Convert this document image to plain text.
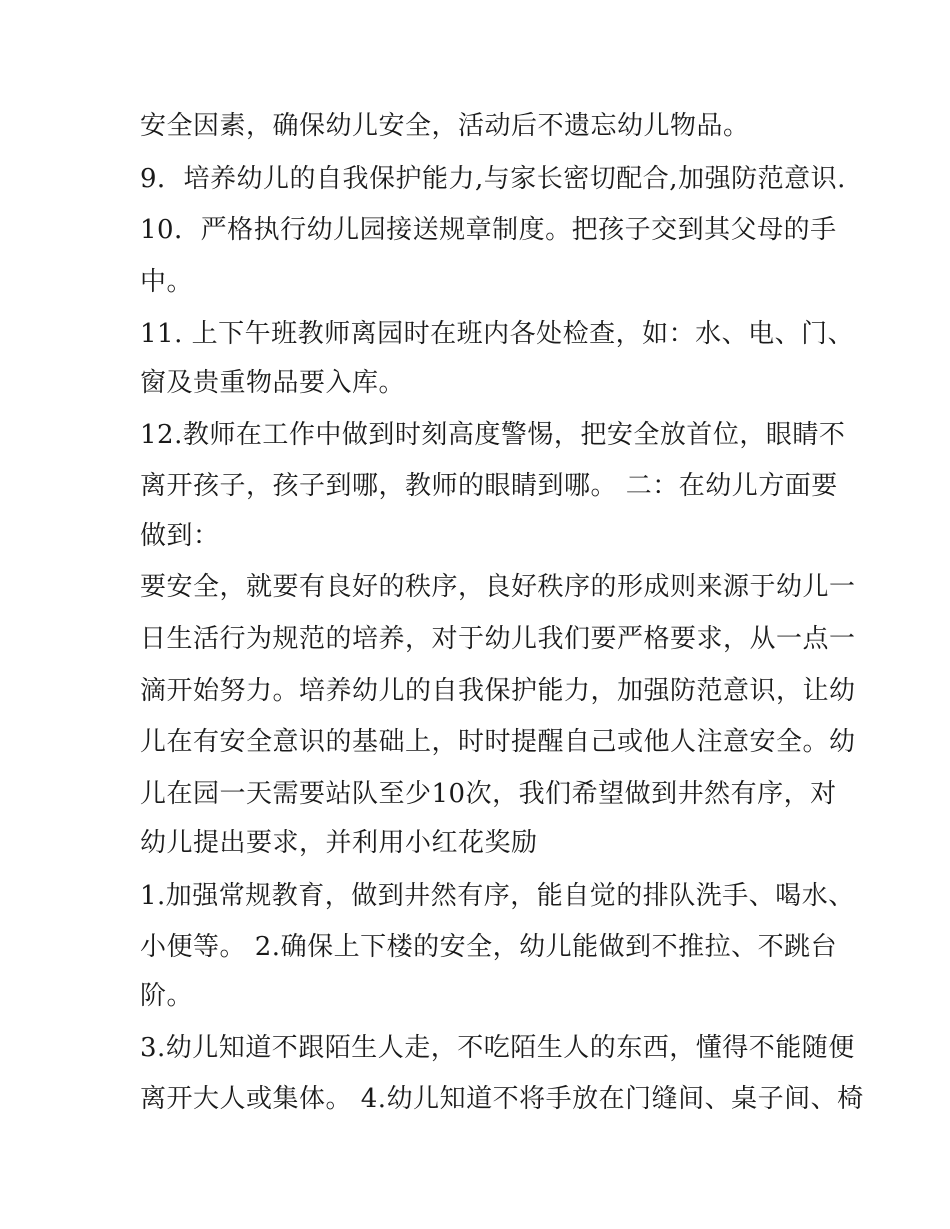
安全因素，确保幼儿安全，活动后不遗忘幼儿物品。
9．培养幼儿的自我保护能力,与家长密切配合,加强防范意识.
10．严格执行幼儿园接送规章制度。把孩子交到其父母的手
中。
11. 上下午班教师离园时在班内各处检查，如：水、电、门、
窗及贵重物品要入库。
12.教师在工作中做到时刻高度警惕，把安全放首位，眼睛不
离开孩子，孩子到哪，教师的眼睛到哪。 二：在幼儿方面要
做到：
要安全，就要有良好的秩序，良好秩序的形成则来源于幼儿一
日生活行为规范的培养，对于幼儿我们要严格要求，从一点一
滴开始努力。培养幼儿的自我保护能力，加强防范意识，让幼
儿在有安全意识的基础上，时时提醒自己或他人注意安全。幼
儿在园一天需要站队至少10次，我们希望做到井然有序，对
幼儿提出要求，并利用小红花奖励
1.加强常规教育，做到井然有序，能自觉的排队洗手、喝水、
小便等。 2.确保上下楼的安全，幼儿能做到不推拉、不跳台
阶。
3.幼儿知道不跟陌生人走，不吃陌生人的东西，懂得不能随便
离开大人或集体。 4.幼儿知道不将手放在门缝间、桌子间、椅
